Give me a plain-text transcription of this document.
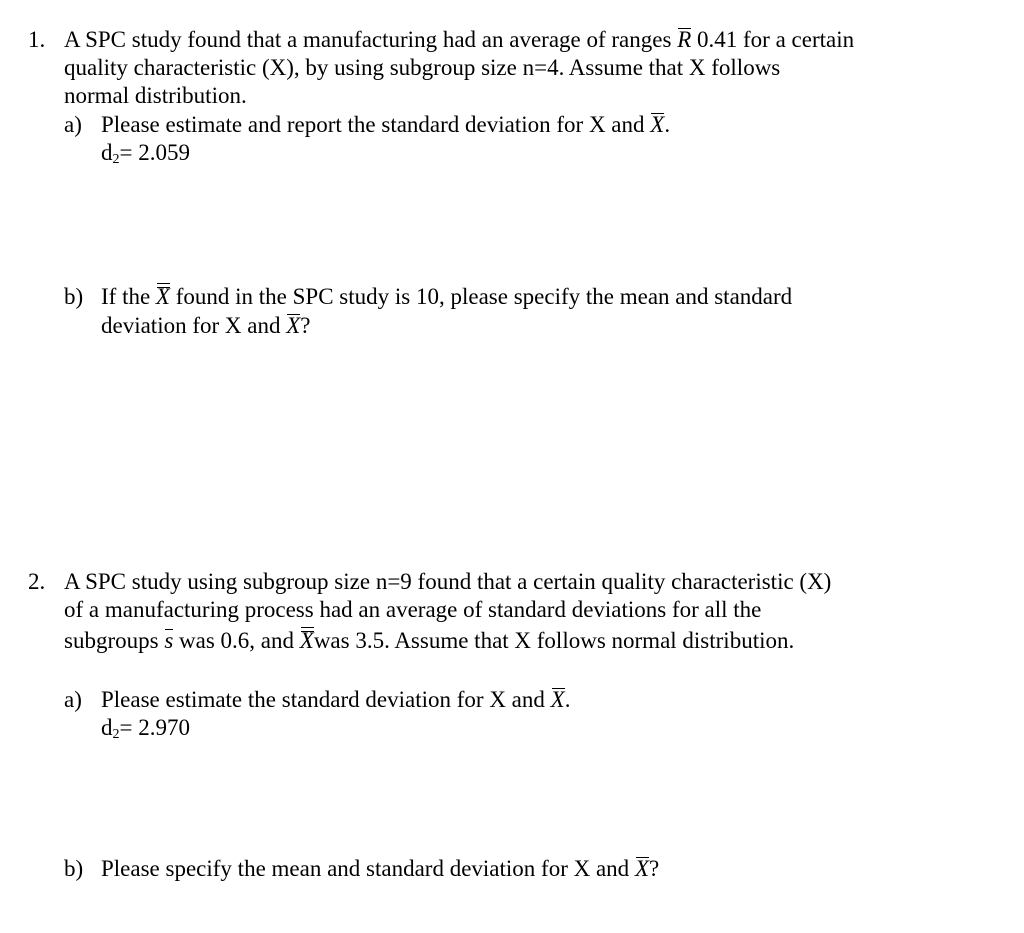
1. A SPC study found that a manufacturing had an average of ranges R 0.41 for a certain
quality characteristic (X), by using subgroup size n=4. Assume that X follows
normal distribution.
a) Please estimate and report the standard deviation for X and X.
$d_2= 2.059$
b) If the X found in the SPC study is 10, please specify the mean and standard
deviation for X and X?
2. A SPC study using subgroup size n=9 found that a certain quality characteristic (X)
of a manufacturing process had an average of standard deviations for all the
subgroups s was 0.6, and Xwas 3.5. Assume that X follows normal distribution.
a) Please estimate the standard deviation for X and X.
$d_2= 2.970$
b) Please specify the mean and standard deviation for X and X?
